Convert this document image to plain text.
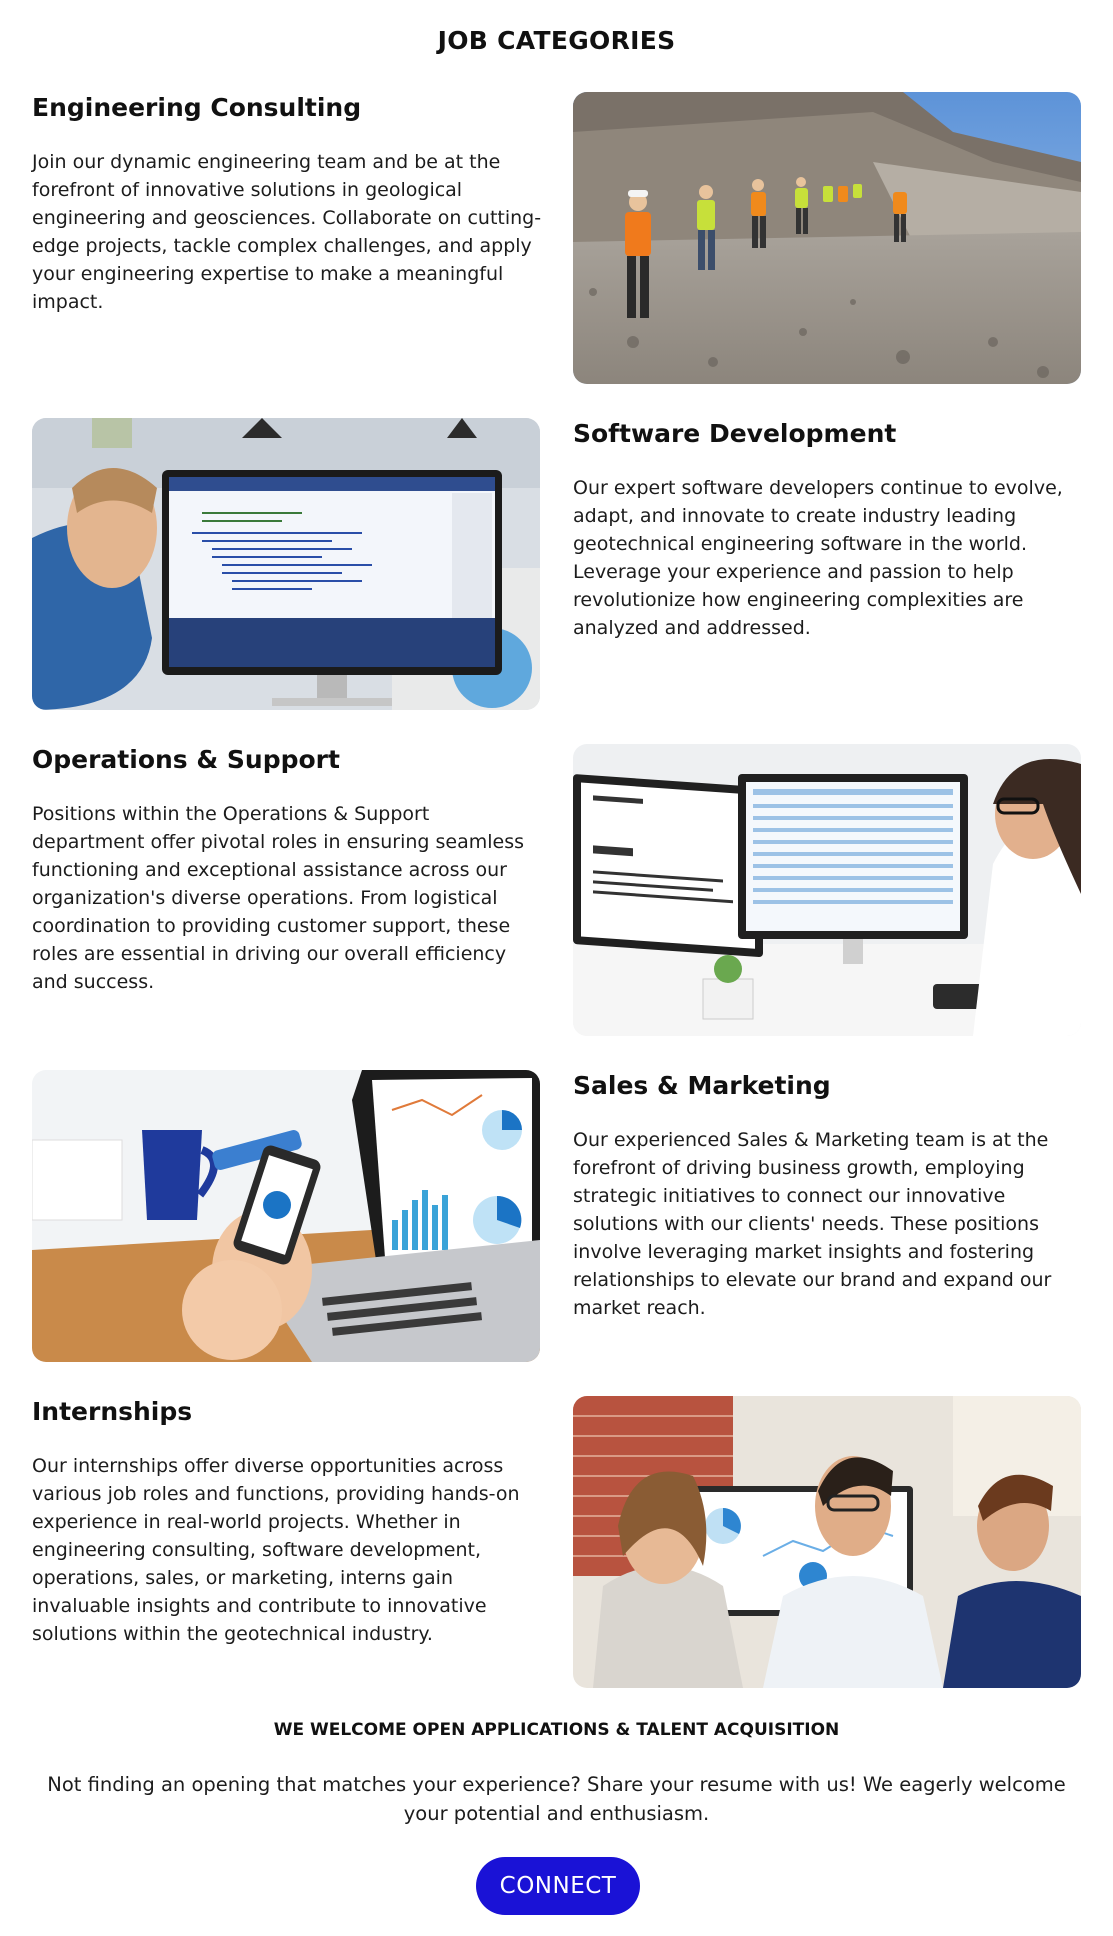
JOB CATEGORIES
Engineering Consulting

Join our dynamic engineering team and be at the forefront of innovative solutions in geological engineering and geosciences. Collaborate on cutting-edge projects, tackle complex challenges, and apply your engineering expertise to make a meaningful impact.

Software Development

Our expert software developers continue to evolve, adapt, and innovate to create industry leading geotechnical engineering software in the world. Leverage your experience and passion to help revolutionize how engineering complexities are analyzed and addressed.

Operations & Support

Positions within the Operations & Support department offer pivotal roles in ensuring seamless functioning and exceptional assistance across our organization's diverse operations. From logistical coordination to providing customer support, these roles are essential in driving our overall efficiency and success.

Sales & Marketing

Our experienced Sales & Marketing team is at the forefront of driving business growth, employing strategic initiatives to connect our innovative solutions with our clients' needs. These positions involve leveraging market insights and fostering relationships to elevate our brand and expand our market reach.

Internships

Our internships offer diverse opportunities across various job roles and functions, providing hands-on experience in real-world projects. Whether in engineering consulting, software development, operations, sales, or marketing, interns gain invaluable insights and contribute to innovative solutions within the geotechnical industry.

WE WELCOME OPEN APPLICATIONS & TALENT ACQUISITION
Not finding an opening that matches your experience? Share your resume with us! We eagerly welcome your potential and enthusiasm.
CONNECT
